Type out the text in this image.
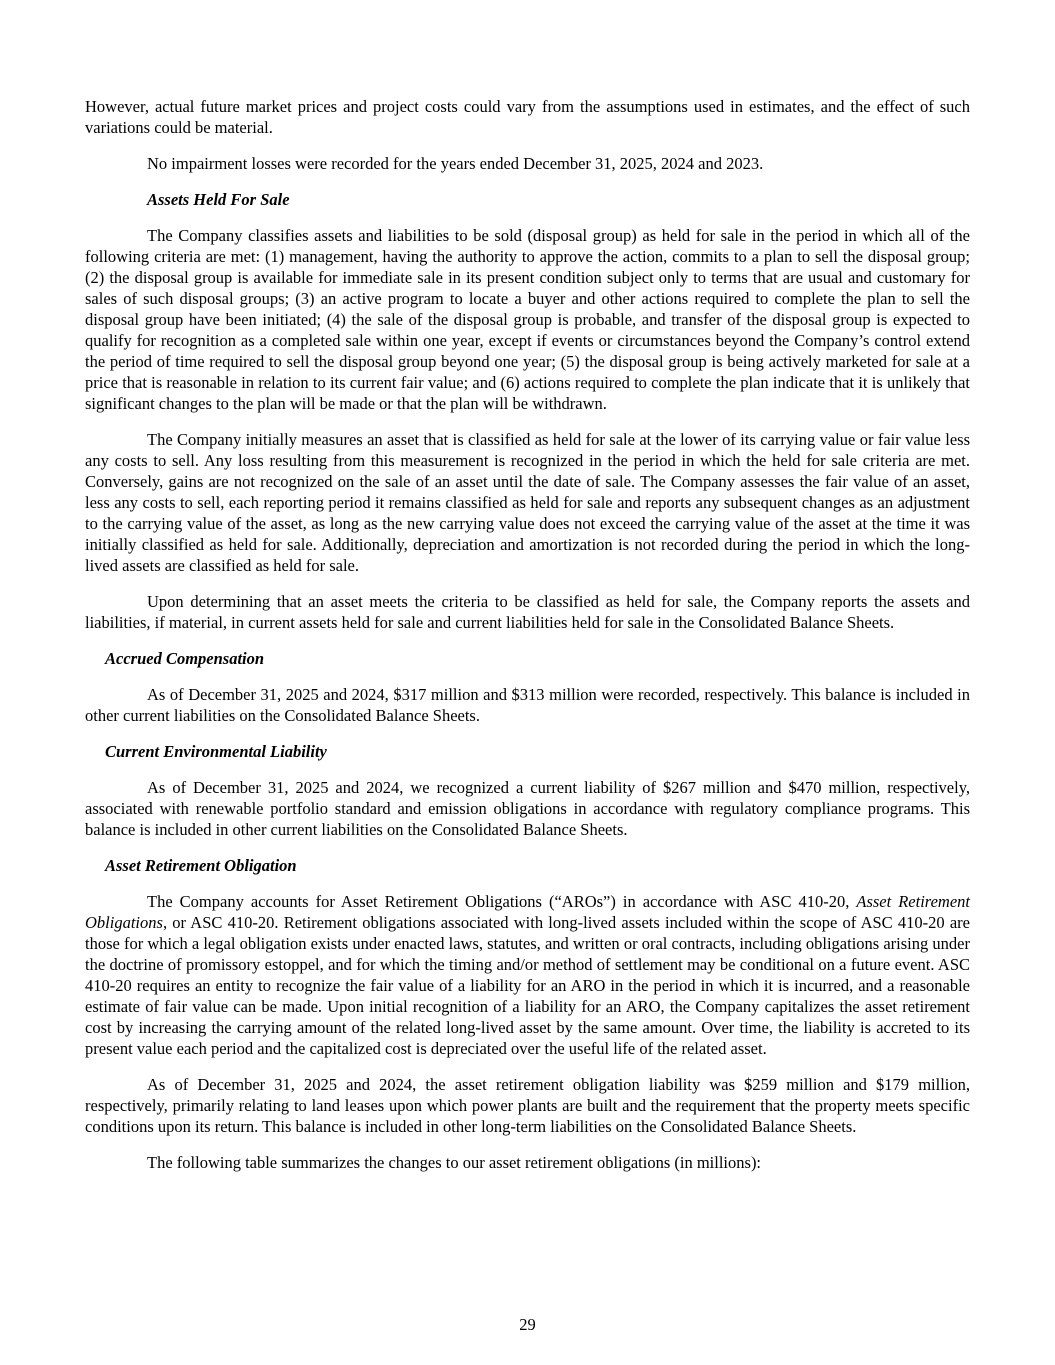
However, actual future market prices and project costs could vary from the assumptions used in estimates, and the effect of such variations could be material.

No impairment losses were recorded for the years ended December 31, 2025, 2024 and 2023.

Assets Held For Sale

The Company classifies assets and liabilities to be sold (disposal group) as held for sale in the period in which all of the following criteria are met: (1) management, having the authority to approve the action, commits to a plan to sell the disposal group; (2) the disposal group is available for immediate sale in its present condition subject only to terms that are usual and customary for sales of such disposal groups; (3) an active program to locate a buyer and other actions required to complete the plan to sell the disposal group have been initiated; (4) the sale of the disposal group is probable, and transfer of the disposal group is expected to qualify for recognition as a completed sale within one year, except if events or circumstances beyond the Company’s control extend the period of time required to sell the disposal group beyond one year; (5) the disposal group is being actively marketed for sale at a price that is reasonable in relation to its current fair value; and (6) actions required to complete the plan indicate that it is unlikely that significant changes to the plan will be made or that the plan will be withdrawn.

The Company initially measures an asset that is classified as held for sale at the lower of its carrying value or fair value less any costs to sell. Any loss resulting from this measurement is recognized in the period in which the held for sale criteria are met. Conversely, gains are not recognized on the sale of an asset until the date of sale. The Company assesses the fair value of an asset, less any costs to sell, each reporting period it remains classified as held for sale and reports any subsequent changes as an adjustment to the carrying value of the asset, as long as the new carrying value does not exceed the carrying value of the asset at the time it was initially classified as held for sale. Additionally, depreciation and amortization is not recorded during the period in which the long-lived assets are classified as held for sale.

Upon determining that an asset meets the criteria to be classified as held for sale, the Company reports the assets and liabilities, if material, in current assets held for sale and current liabilities held for sale in the Consolidated Balance Sheets.

Accrued Compensation

As of December 31, 2025 and 2024, $317 million and $313 million were recorded, respectively. This balance is included in other current liabilities on the Consolidated Balance Sheets.

Current Environmental Liability

As of December 31, 2025 and 2024, we recognized a current liability of $267 million and $470 million, respectively, associated with renewable portfolio standard and emission obligations in accordance with regulatory compliance programs. This balance is included in other current liabilities on the Consolidated Balance Sheets.

Asset Retirement Obligation

The Company accounts for Asset Retirement Obligations (“AROs”) in accordance with ASC 410-20, Asset Retirement Obligations, or ASC 410-20. Retirement obligations associated with long-lived assets included within the scope of ASC 410-20 are those for which a legal obligation exists under enacted laws, statutes, and written or oral contracts, including obligations arising under the doctrine of promissory estoppel, and for which the timing and/or method of settlement may be conditional on a future event. ASC 410-20 requires an entity to recognize the fair value of a liability for an ARO in the period in which it is incurred, and a reasonable estimate of fair value can be made. Upon initial recognition of a liability for an ARO, the Company capitalizes the asset retirement cost by increasing the carrying amount of the related long-lived asset by the same amount. Over time, the liability is accreted to its present value each period and the capitalized cost is depreciated over the useful life of the related asset.

As of December 31, 2025 and 2024, the asset retirement obligation liability was $259 million and $179 million, respectively, primarily relating to land leases upon which power plants are built and the requirement that the property meets specific conditions upon its return. This balance is included in other long-term liabilities on the Consolidated Balance Sheets.

The following table summarizes the changes to our asset retirement obligations (in millions):

29
